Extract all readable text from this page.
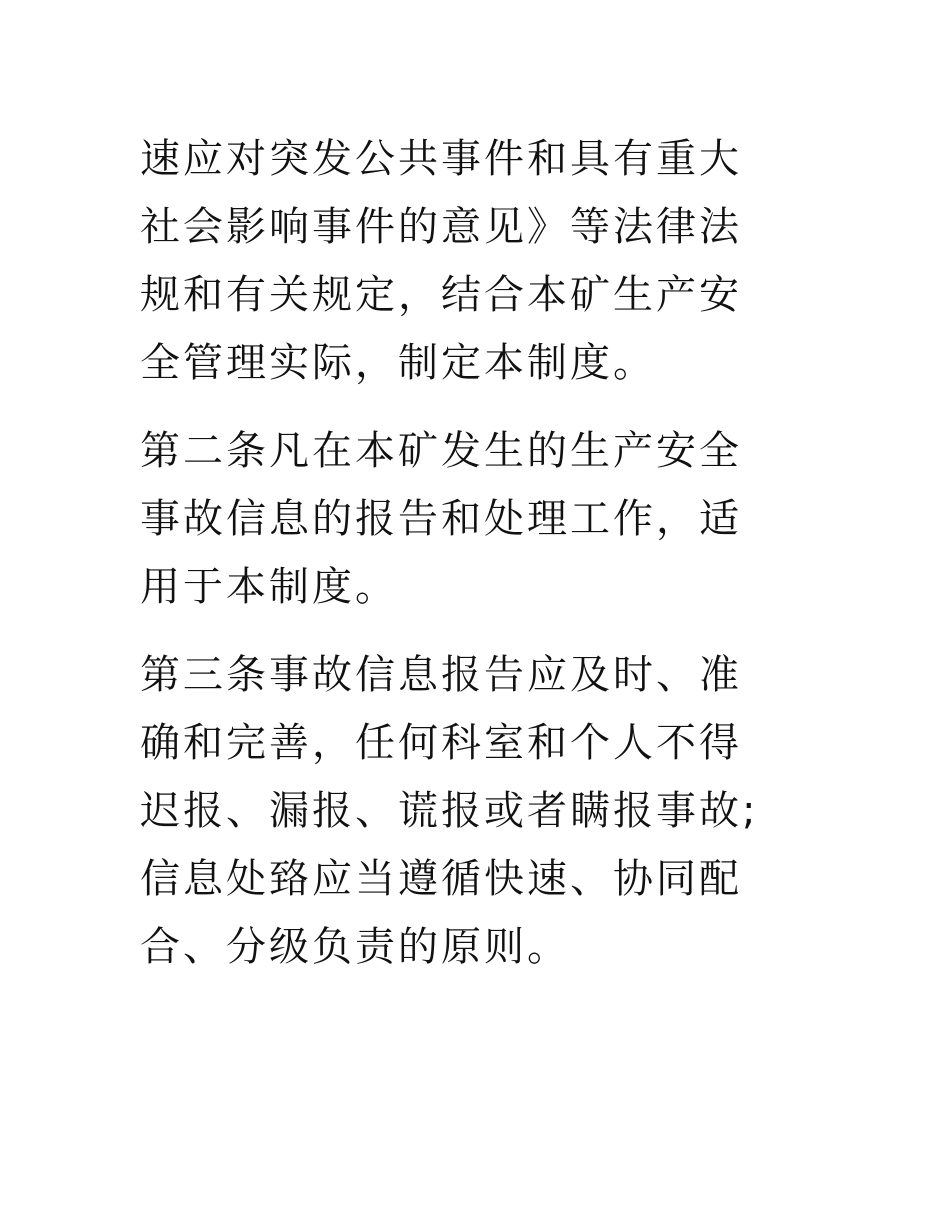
速应对突发公共事件和具有重大
社会影响事件的意见》等法律法
规和有关规定，结合本矿生产安
全管理实际，制定本制度。
第二条凡在本矿发生的生产安全
事故信息的报告和处理工作，适
用于本制度。
第三条事故信息报告应及时、准
确和完善，任何科室和个人不得
迟报、漏报、谎报或者瞒报事故;
信息处臵应当遵循快速、协同配
合、分级负责的原则。
